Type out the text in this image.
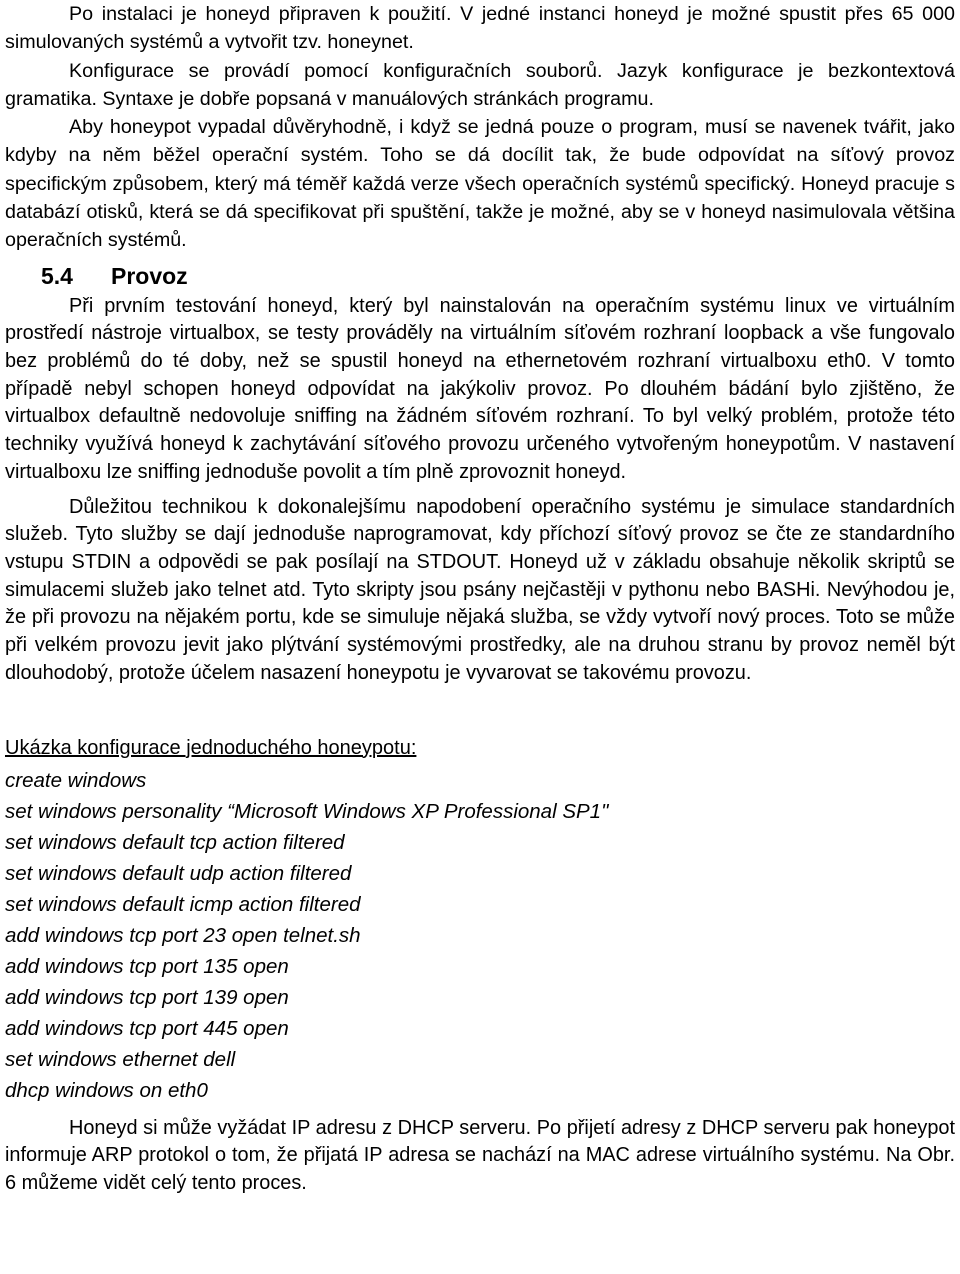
Po instalaci je honeyd připraven k použití. V jedné instanci honeyd je možné spustit přes 65 000 simulovaných systémů a vytvořit tzv. honeynet.

Konfigurace se provádí pomocí konfiguračních souborů. Jazyk konfigurace je bezkontextová gramatika. Syntaxe je dobře popsaná v manuálových stránkách programu.

Aby honeypot vypadal důvěryhodně, i když se jedná pouze o program, musí se navenek tvářit, jako kdyby na něm běžel operační systém. Toho se dá docílit tak, že bude odpovídat na síťový provoz specifickým způsobem, který má téměř každá verze všech operačních systémů specifický. Honeyd pracuje s databází otisků, která se dá specifikovat při spuštění, takže je možné, aby se v honeyd nasimulovala většina operačních systémů.

5.4 Provoz

Při prvním testování honeyd, který byl nainstalován na operačním systému linux ve virtuálním prostředí nástroje virtualbox, se testy prováděly na virtuálním síťovém rozhraní loopback a vše fungovalo bez problémů do té doby, než se spustil honeyd na ethernetovém rozhraní virtualboxu eth0. V tomto případě nebyl schopen honeyd odpovídat na jakýkoliv provoz. Po dlouhém bádání bylo zjištěno, že virtualbox defaultně nedovoluje sniffing na žádném síťovém rozhraní. To byl velký problém, protože této techniky využívá honeyd k zachytávání síťového provozu určeného vytvořeným honeypotům. V nastavení virtualboxu lze sniffing jednoduše povolit a tím plně zprovoznit honeyd.

Důležitou technikou k dokonalejšímu napodobení operačního systému je simulace standardních služeb. Tyto služby se dají jednoduše naprogramovat, kdy příchozí síťový provoz se čte ze standardního vstupu STDIN a odpovědi se pak posílají na STDOUT. Honeyd už v základu obsahuje několik skriptů se simulacemi služeb jako telnet atd. Tyto skripty jsou psány nejčastěji v pythonu nebo BASHi. Nevýhodou je, že při provozu na nějakém portu, kde se simuluje nějaká služba, se vždy vytvoří nový proces. Toto se může při velkém provozu jevit jako plýtvání systémovými prostředky, ale na druhou stranu by provoz neměl být dlouhodobý, protože účelem nasazení honeypotu je vyvarovat se takovému provozu.

Ukázka konfigurace jednoduchého honeypotu:
create windows
set windows personality “Microsoft Windows XP Professional SP1"
set windows default tcp action filtered
set windows default udp action filtered
set windows default icmp action filtered
add windows tcp port 23 open telnet.sh
add windows tcp port 135 open
add windows tcp port 139 open
add windows tcp port 445 open
set windows ethernet dell
dhcp windows on eth0

Honeyd si může vyžádat IP adresu z DHCP serveru. Po přijetí adresy z DHCP serveru pak honeypot informuje ARP protokol o tom, že přijatá IP adresa se nachází na MAC adrese virtuálního systému. Na Obr. 6 můžeme vidět celý tento proces.
